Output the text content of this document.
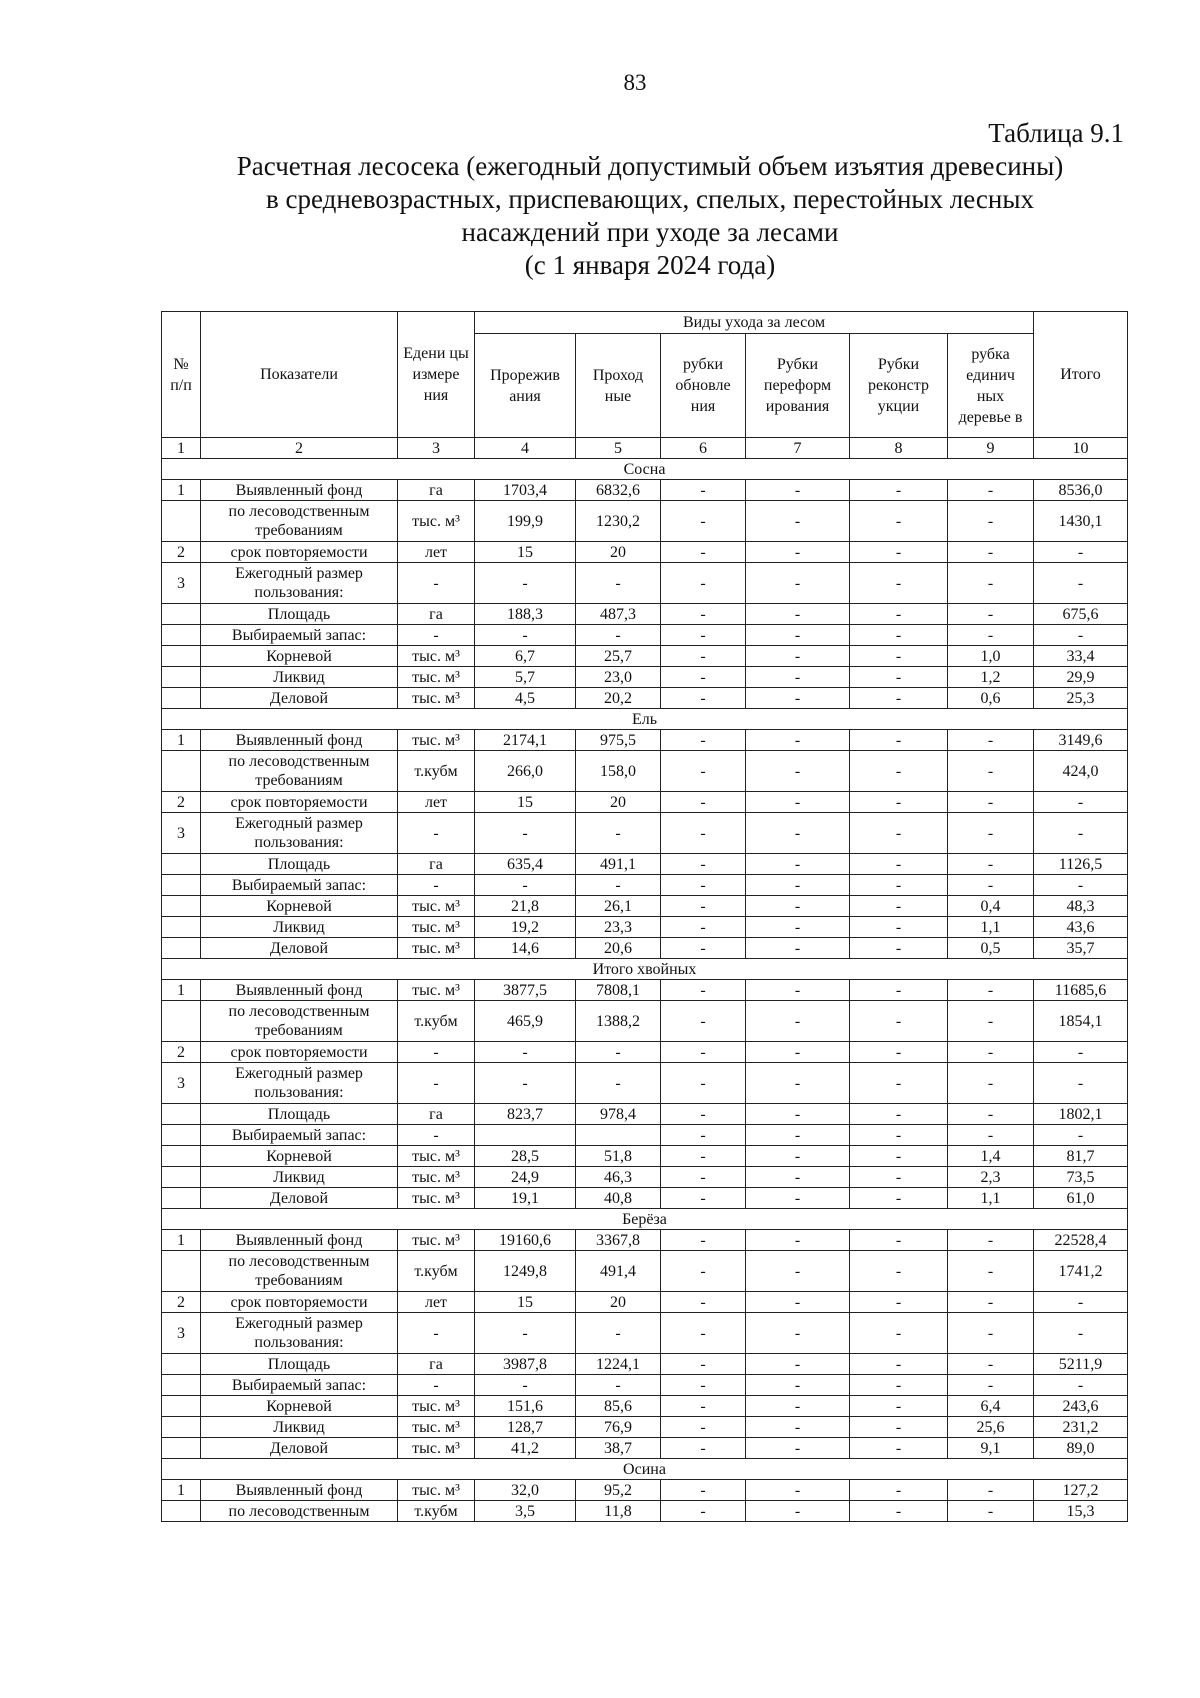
83
Таблица 9.1
Расчетная лесосека (ежегодный допустимый объем изъятия древесины)
в средневозрастных, приспевающих, спелых, перестойных лесных
насаждений при уходе за лесами
(с 1 января 2024 года)
№ п/п	Показатели	Едени цы измере ния	Виды ухода за лесом						Итого
			Прорежив ания	Проход ные	рубки обновле ния	Рубки переформ ирования	Рубки реконстр укции	рубка единич ных деревье в	
1	2	3	4	5	6	7	8	9	10
Сосна									
1	Выявленный фонд	га	1703,4	6832,6	-	-	-	-	8536,0
	по лесоводственным требованиям	тыс. м³	199,9	1230,2	-	-	-	-	1430,1
2	срок повторяемости	лет	15	20	-	-	-	-	-
3	Ежегодный размер пользования:	-	-	-	-	-	-	-	-
	Площадь	га	188,3	487,3	-	-	-	-	675,6
	Выбираемый запас:	-	-	-	-	-	-	-	-
	Корневой	тыс. м³	6,7	25,7	-	-	-	1,0	33,4
	Ликвид	тыс. м³	5,7	23,0	-	-	-	1,2	29,9
	Деловой	тыс. м³	4,5	20,2	-	-	-	0,6	25,3
Ель									
1	Выявленный фонд	тыс. м³	2174,1	975,5	-	-	-	-	3149,6
	по лесоводственным требованиям	т.кубм	266,0	158,0	-	-	-	-	424,0
2	срок повторяемости	лет	15	20	-	-	-	-	-
3	Ежегодный размер пользования:	-	-	-	-	-	-	-	-
	Площадь	га	635,4	491,1	-	-	-	-	1126,5
	Выбираемый запас:	-	-	-	-	-	-	-	-
	Корневой	тыс. м³	21,8	26,1	-	-	-	0,4	48,3
	Ликвид	тыс. м³	19,2	23,3	-	-	-	1,1	43,6
	Деловой	тыс. м³	14,6	20,6	-	-	-	0,5	35,7
Итого хвойных									
1	Выявленный фонд	тыс. м³	3877,5	7808,1	-	-	-	-	11685,6
	по лесоводственным требованиям	т.кубм	465,9	1388,2	-	-	-	-	1854,1
2	срок повторяемости	-	-	-	-	-	-	-	-
3	Ежегодный размер пользования:	-	-	-	-	-	-	-	-
	Площадь	га	823,7	978,4	-	-	-	-	1802,1
	Выбираемый запас:	-			-	-	-	-	-
	Корневой	тыс. м³	28,5	51,8	-	-	-	1,4	81,7
	Ликвид	тыс. м³	24,9	46,3	-	-	-	2,3	73,5
	Деловой	тыс. м³	19,1	40,8	-	-	-	1,1	61,0
Берёза									
1	Выявленный фонд	тыс. м³	19160,6	3367,8	-	-	-	-	22528,4
	по лесоводственным требованиям	т.кубм	1249,8	491,4	-	-	-	-	1741,2
2	срок повторяемости	лет	15	20	-	-	-	-	-
3	Ежегодный размер пользования:	-	-	-	-	-	-	-	-
	Площадь	га	3987,8	1224,1	-	-	-	-	5211,9
	Выбираемый запас:	-	-	-	-	-	-	-	-
	Корневой	тыс. м³	151,6	85,6	-	-	-	6,4	243,6
	Ликвид	тыс. м³	128,7	76,9	-	-	-	25,6	231,2
	Деловой	тыс. м³	41,2	38,7	-	-	-	9,1	89,0
Осина									
1	Выявленный фонд	тыс. м³	32,0	95,2	-	-	-	-	127,2
	по лесоводственным	т.кубм	3,5	11,8	-	-	-	-	15,3
